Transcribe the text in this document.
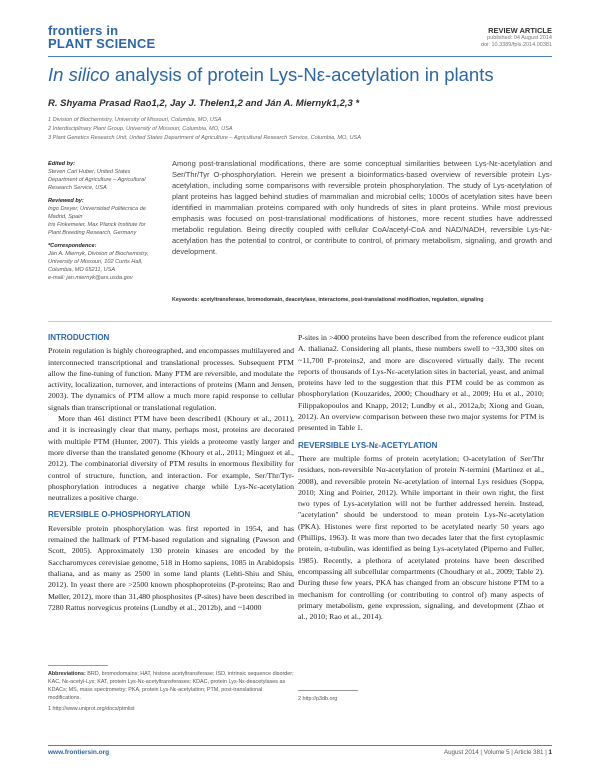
frontiers in
PLANT SCIENCE
REVIEW ARTICLE
published: 04 August 2014
doi: 10.3389/fpls.2014.00381
In silico analysis of protein Lys-Nε-acetylation in plants
R. Shyama Prasad Rao1,2, Jay J. Thelen1,2 and Ján A. Miernyk1,2,3 *
1 Division of Biochemistry, University of Missouri, Columbia, MO, USA
2 Interdisciplinary Plant Group, University of Missouri, Columbia, MO, USA
3 Plant Genetics Research Unit, United States Department of Agriculture – Agricultural Research Service, Columbia, MO, USA
Edited by:
Steven Carl Huber, United States Department of Agriculture – Agricultural Research Service, USA
Reviewed by:
Ingo Dreyer, Universidad Politécnica de Madrid, Spain
Iris Finkemeier, Max Planck Institute for Plant Breeding Research, Germany
*Correspondence:
Ján A. Miernyk, Division of Biochemistry, University of Missouri, 102 Curtis Hall, Columbia, MO 65211, USA
e-mail: jan.miernyk@ars.usda.gov
Among post-translational modifications, there are some conceptual similarities between Lys-Nε-acetylation and Ser/Thr/Tyr O-phosphorylation. Herein we present a bioinformatics-based overview of reversible protein Lys-acetylation, including some comparisons with reversible protein phosphorylation. The study of Lys-acetylation of plant proteins has lagged behind studies of mammalian and microbial cells; 1000s of acetylation sites have been identified in mammalian proteins compared with only hundreds of sites in plant proteins. While most previous emphasis was focused on post-translational modifications of histones, more recent studies have addressed metabolic regulation. Being directly coupled with cellular CoA/acetyl-CoA and NAD/NADH, reversible Lys-Nε-acetylation has the potential to control, or contribute to control, of primary metabolism, signaling, and growth and development.
Keywords: acetyltransferase, bromodomain, deacetylase, interactome, post-translational modification, regulation, signaling
INTRODUCTION

Protein regulation is highly choreographed, and encompasses multilayered and interconnected transcriptional and translational processes. Subsequent PTM allow the fine-tuning of function. Many PTM are reversible, and modulate the activity, localization, turnover, and interactions of proteins (Mann and Jensen, 2003). The dynamics of PTM allow a much more rapid response to cellular signals than transcriptional or translational regulation.

More than 461 distinct PTM have been described1 (Khoury et al., 2011), and it is increasingly clear that many, perhaps most, proteins are decorated with multiple PTM (Hunter, 2007). This yields a proteome vastly larger and more diverse than the translated genome (Khoury et al., 2011; Minguez et al., 2012). The combinatorial diversity of PTM results in enormous flexibility for control of structure, function, and interaction. For example, Ser/Thr/Tyr-phosphorylation introduces a negative charge while Lys-Nε-acetylation neutralizes a positive charge.

REVERSIBLE O-PHOSPHORYLATION

Reversible protein phosphorylation was first reported in 1954, and has remained the hallmark of PTM-based regulation and signaling (Pawson and Scott, 2005). Approximately 130 protein kinases are encoded by the Saccharomyces cerevisiae genome, 518 in Homo sapiens, 1085 in Arabidopsis thaliana, and as many as 2500 in some land plants (Lehti-Shiu and Shiu, 2012). In yeast there are >2500 known phosphoproteins (P-proteins; Rao and Møller, 2012), more than 31,480 phosphosites (P-sites) have been described in 7280 Rattus norvegicus proteins (Lundby et al., 2012b), and ~14000

P-sites in >4000 proteins have been described from the reference eudicot plant A. thaliana2. Considering all plants, these numbers swell to ~33,300 sites on ~11,700 P-proteins2, and more are discovered virtually daily. The recent reports of thousands of Lys-Nε-acetylation sites in bacterial, yeast, and animal proteins have led to the suggestion that this PTM could be as common as phosphorylation (Kouzarides, 2000; Choudhary et al., 2009; Hu et al., 2010; Filippakopoulos and Knapp, 2012; Lundby et al., 2012a,b; Xiong and Guan, 2012). An overview comparison between these two major systems for PTM is presented in Table 1.

REVERSIBLE LYS-Nε-ACETYLATION

There are multiple forms of protein acetylation; O-acetylation of Ser/Thr residues, non-reversible Nα-acetylation of protein N-termini (Martinez et al., 2008), and reversible protein Nε-acetylation of internal Lys residues (Soppa, 2010; Xing and Poirier, 2012). While important in their own right, the first two types of Lys-acetylation will not be further addressed herein. Instead, "acetylation" should be understood to mean protein Lys-Nε-acetylation (PKA). Histones were first reported to be acetylated nearly 50 years ago (Phillips, 1963). It was more than two decades later that the first cytoplasmic protein, α-tubulin, was identified as being Lys-acetylated (Piperno and Fuller, 1985). Recently, a plethora of acetylated proteins have been described encompassing all subcellular compartments (Choudhary et al., 2009; Table 2). During these few years, PKA has changed from an obscure histone PTM to a mechanism for controlling (or contributing to control of) many aspects of primary metabolism, gene expression, signaling, and development (Zhao et al., 2010; Rao et al., 2014).

Abbreviations: BRD, bromodomains; HAT, histone acetyltransferase; ISD, intrinsic sequence disorder; KAC, Nε-acetyl-Lys; KAT, protein Lys-Nε-acetyltransferases; KDAC, protein Lys-Nε-deacetylases as KDACs; MS, mass spectrometry; PKA, protein Lys-Nε-acetylation; PTM, post-translational modifications.
1 http://www.uniprot.org/docs/ptmlist
2 http://p3db.org
www.frontiersin.org	August 2014 | Volume 5 | Article 381 | 1
